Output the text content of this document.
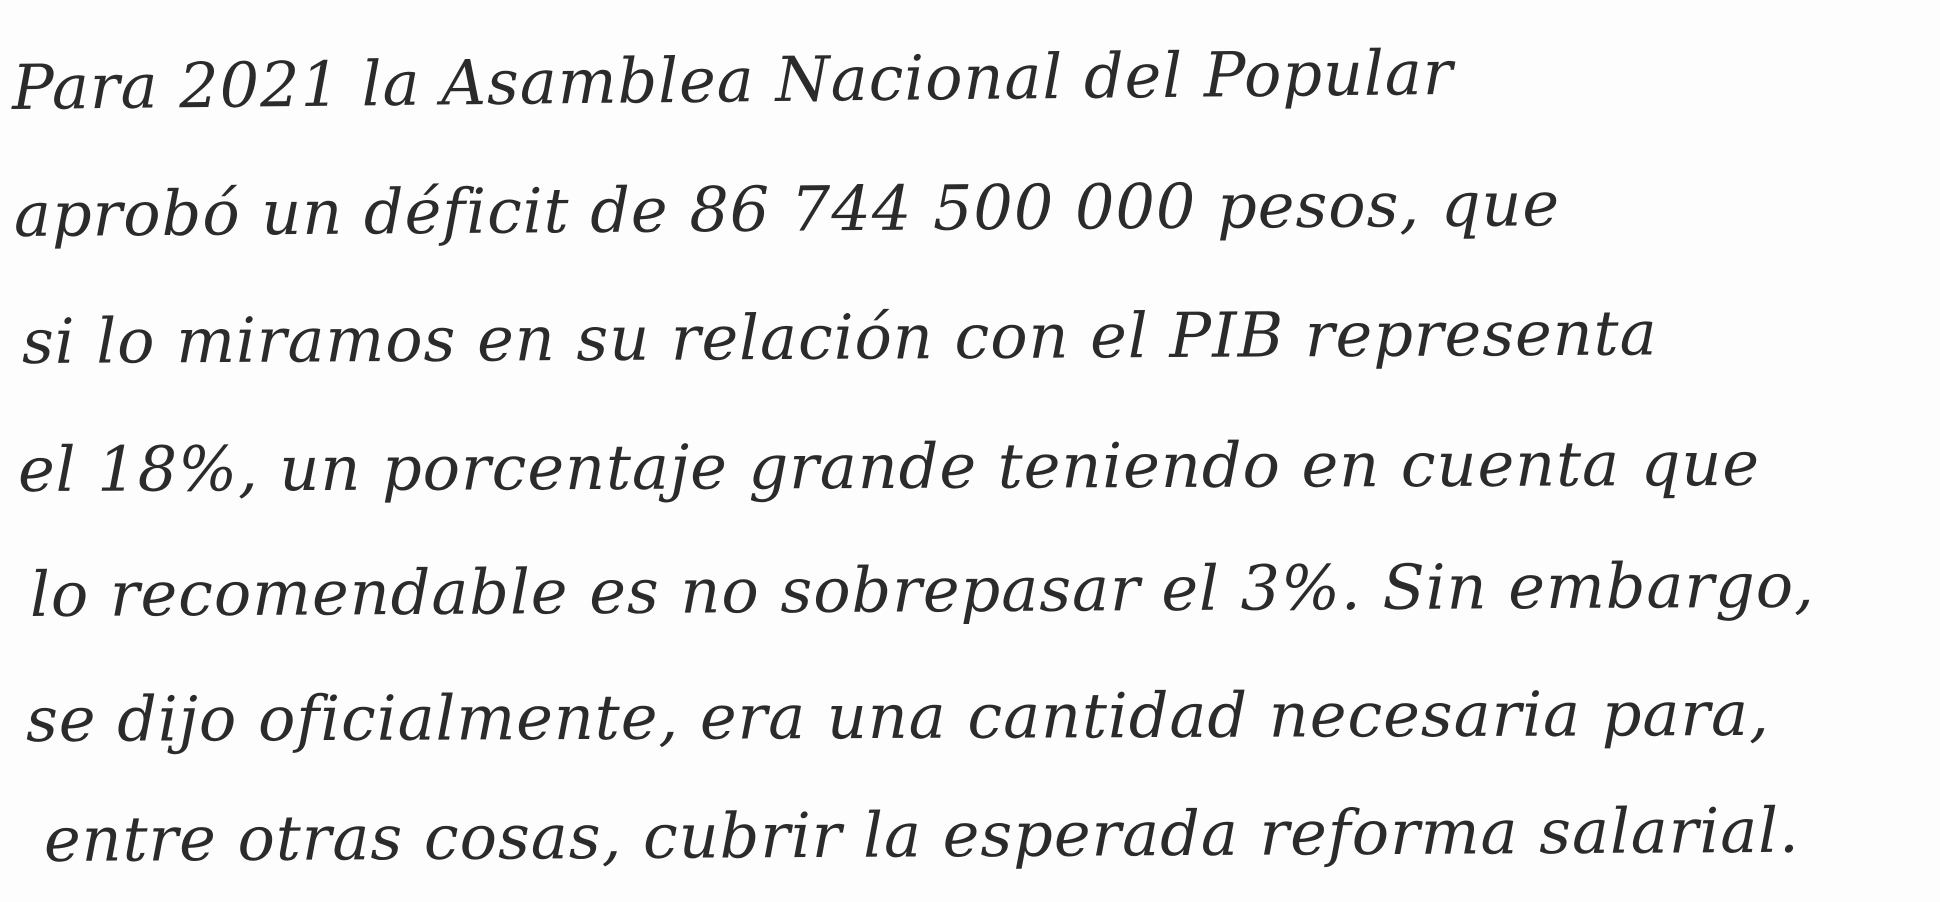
Para 2021 la Asamblea Nacional del Popular
aprobó un déficit de 86 744 500 000 pesos, que
si lo miramos en su relación con el PIB representa
el 18%, un porcentaje grande teniendo en cuenta que
lo recomendable es no sobrepasar el 3%. Sin embargo,
se dijo oficialmente, era una cantidad necesaria para,
entre otras cosas, cubrir la esperada reforma salarial.
